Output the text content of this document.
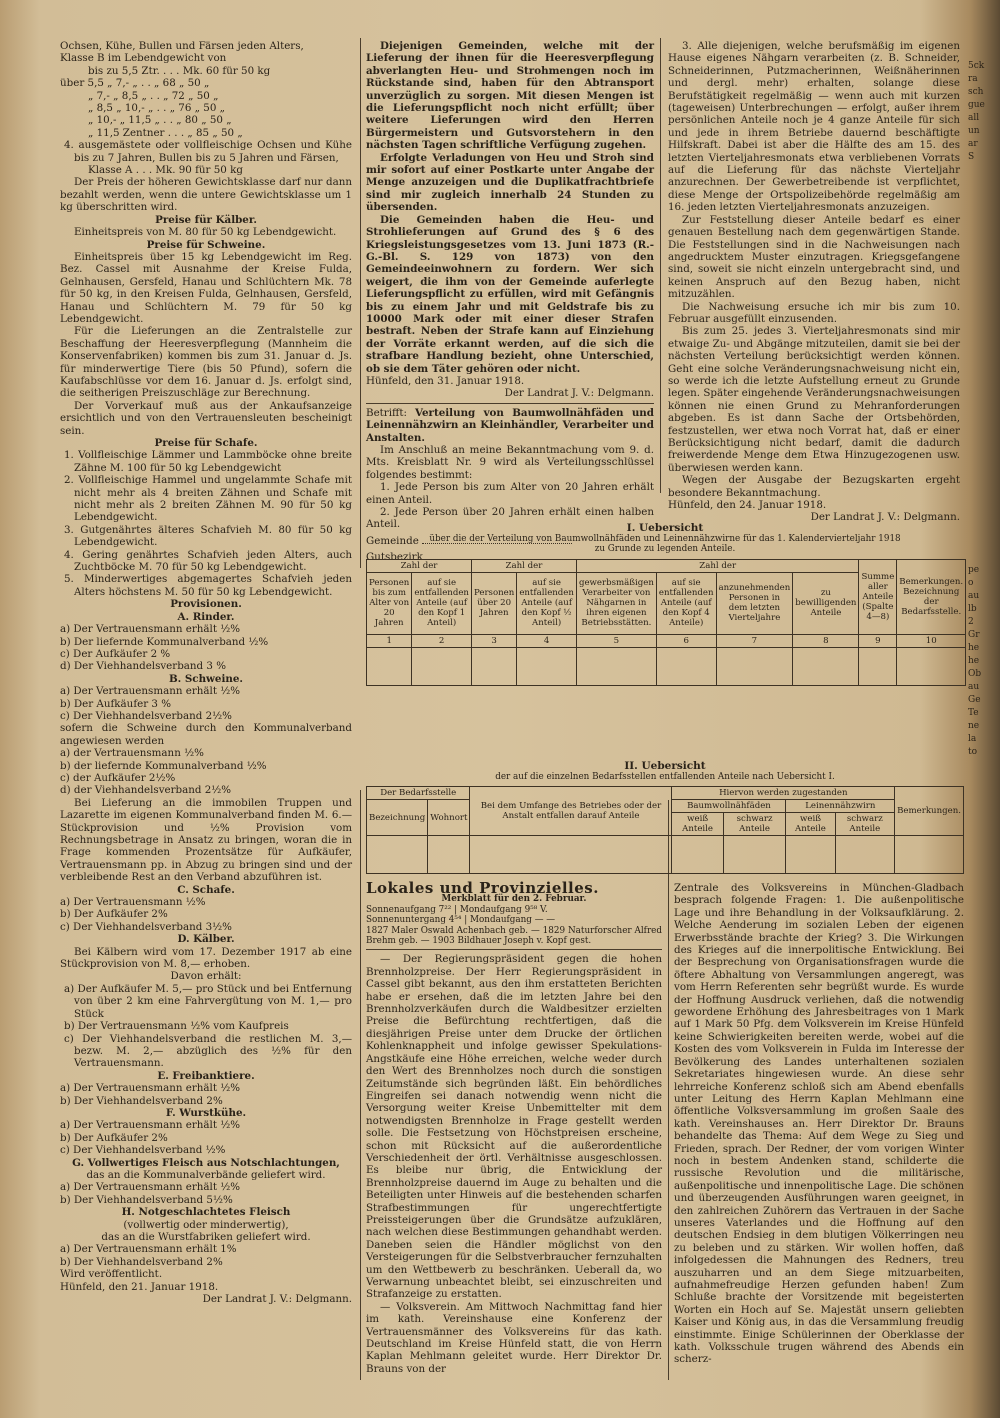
Ochsen, Kühe, Bullen und Färsen jeden Alters,

Klasse B im Lebendgewicht von

bis zu 5,5 Ztr. . . . Mk. 60 für 50 kg

über 5,5 „ 7,- „ . . „ 68 „ 50 „

„ 7,- „ 8,5 „ . . „ 72 „ 50 „

„ 8,5 „ 10,- „ . . „ 76 „ 50 „

„ 10,- „ 11,5 „ . . „ 80 „ 50 „

„ 11,5 Zentner . . . „ 85 „ 50 „

4. ausgemästete oder vollfleischige Ochsen und Kühe bis zu 7 Jahren, Bullen bis zu 5 Jahren und Färsen,

Klasse A . . . Mk. 90 für 50 kg

Der Preis der höheren Gewichtsklasse darf nur dann bezahlt werden, wenn die untere Gewichtsklasse um 1 kg überschritten wird.

Preise für Kälber.

Einheitspreis von M. 80 für 50 kg Lebendgewicht.

Preise für Schweine.

Einheitspreis über 15 kg Lebendgewicht im Reg. Bez. Cassel mit Ausnahme der Kreise Fulda, Gelnhausen, Gersfeld, Hanau und Schlüchtern Mk. 78 für 50 kg, in den Kreisen Fulda, Gelnhausen, Gersfeld, Hanau und Schlüchtern M. 79 für 50 kg Lebendgewicht.

Für die Lieferungen an die Zentralstelle zur Beschaffung der Heeresverpflegung (Mannheim die Konservenfabriken) kommen bis zum 31. Januar d. Js. für minderwertige Tiere (bis 50 Pfund), sofern die Kaufabschlüsse vor dem 16. Januar d. Js. erfolgt sind, die seitherigen Preiszuschläge zur Berechnung.

Der Vorverkauf muß aus der Ankaufsanzeige ersichtlich und von den Vertrauensleuten bescheinigt sein.

Preise für Schafe.

1. Vollfleischige Lämmer und Lammböcke ohne breite Zähne M. 100 für 50 kg Lebendgewicht

2. Vollfleischige Hammel und ungelammte Schafe mit nicht mehr als 4 breiten Zähnen und Schafe mit nicht mehr als 2 breiten Zähnen M. 90 für 50 kg Lebendgewicht.

3. Gutgenährtes älteres Schafvieh M. 80 für 50 kg Lebendgewicht.

4. Gering genährtes Schafvieh jeden Alters, auch Zuchtböcke M. 70 für 50 kg Lebendgewicht.

5. Minderwertiges abgemagertes Schafvieh jeden Alters höchstens M. 50 für 50 kg Lebendgewicht.

Provisionen.

A. Rinder.

a) Der Vertrauensmann erhält ½%

b) Der liefernde Kommunalverband ½%

c) Der Aufkäufer 2 %

d) Der Viehhandelsverband 3 %

B. Schweine.

a) Der Vertrauensmann erhält ½%

b) Der Aufkäufer 3 %

c) Der Viehhandelsverband 2½%

sofern die Schweine durch den Kommunalverband angewiesen werden

a) der Vertrauensmann ½%

b) der liefernde Kommunalverband ½%

c) der Aufkäufer 2½%

d) der Viehhandelsverband 2½%

Bei Lieferung an die immobilen Truppen und Lazarette im eigenen Kommunalverband finden M. 6.— Stückprovision und ½% Provision vom Rechnungsbetrage in Ansatz zu bringen, woran die in Frage kommenden Prozentsätze für Aufkäufer, Vertrauensmann pp. in Abzug zu bringen sind und der verbleibende Rest an den Verband abzuführen ist.

C. Schafe.

a) Der Vertrauensmann ½%

b) Der Aufkäufer 2%

c) Der Viehhandelsverband 3½%

D. Kälber.

Bei Kälbern wird vom 17. Dezember 1917 ab eine Stückprovision von M. 8,— erhoben.

Davon erhält:

a) Der Aufkäufer M. 5,— pro Stück und bei Entfernung von über 2 km eine Fahrvergütung von M. 1,— pro Stück

b) Der Vertrauensmann ½% vom Kaufpreis

c) Der Viehhandelsverband die restlichen M. 3,— bezw. M. 2,— abzüglich des ½% für den Vertrauensmann.

E. Freibanktiere.

a) Der Vertrauensmann erhält ½%

b) Der Viehhandelsverband 2%

F. Wurstkühe.

a) Der Vertrauensmann erhält ½%

b) Der Aufkäufer 2%

c) Der Viehhandelsverband ½%

G. Vollwertiges Fleisch aus Notschlachtungen,

das an die Kommunalverbände geliefert wird.

a) Der Vertrauensmann erhält ½%

b) Der Viehhandelsverband 5½%

H. Notgeschlachtetes Fleisch

(vollwertig oder minderwertig),

das an die Wurstfabriken geliefert wird.

a) Der Vertrauensmann erhält 1%

b) Der Viehhandelsverband 2%

Wird veröffentlicht.

Hünfeld, den 21. Januar 1918.

Der Landrat J. V.: Delgmann.

Diejenigen Gemeinden, welche mit der Lieferung der ihnen für die Heeresverpflegung abverlangten Heu- und Strohmengen noch im Rückstande sind, haben für den Abtransport unverzüglich zu sorgen. Mit diesen Mengen ist die Lieferungspflicht noch nicht erfüllt; über weitere Lieferungen wird den Herren Bürgermeistern und Gutsvorstehern in den nächsten Tagen schriftliche Verfügung zugehen.

Erfolgte Verladungen von Heu und Stroh sind mir sofort auf einer Postkarte unter Angabe der Menge anzuzeigen und die Duplikatfrachtbriefe sind mir zugleich innerhalb 24 Stunden zu übersenden.

Die Gemeinden haben die Heu- und Strohlieferungen auf Grund des § 6 des Kriegsleistungsgesetzes vom 13. Juni 1873 (R.-G.-Bl. S. 129 von 1873) von den Gemeindeeinwohnern zu fordern. Wer sich weigert, die ihm von der Gemeinde auferlegte Lieferungspflicht zu erfüllen, wird mit Gefängnis bis zu einem Jahr und mit Geldstrafe bis zu 10000 Mark oder mit einer dieser Strafen bestraft. Neben der Strafe kann auf Einziehung der Vorräte erkannt werden, auf die sich die strafbare Handlung bezieht, ohne Unterschied, ob sie dem Täter gehören oder nicht.

Hünfeld, den 31. Januar 1918.

Der Landrat J. V.: Delgmann.

Betrifft: Verteilung von Baumwollnähfäden und Leinennähzwirn an Kleinhändler, Verarbeiter und Anstalten.

Im Anschluß an meine Bekanntmachung vom 9. d. Mts. Kreisblatt Nr. 9 wird als Verteilungsschlüssel folgendes bestimmt:

1. Jede Person bis zum Alter von 20 Jahren erhält einen Anteil.

2. Jede Person über 20 Jahren erhält einen halben Anteil.

Gemeinde

Gutsbezirk

3. Alle diejenigen, welche berufsmäßig im eigenen Hause eigenes Nähgarn verarbeiten (z. B. Schneider, Schneiderinnen, Putzmacherinnen, Weißnäherinnen und dergl. mehr) erhalten, solange diese Berufstätigkeit regelmäßig — wenn auch mit kurzen (tageweisen) Unterbrechungen — erfolgt, außer ihrem persönlichen Anteile noch je 4 ganze Anteile für sich und jede in ihrem Betriebe dauernd beschäftigte Hilfskraft. Dabei ist aber die Hälfte des am 15. des letzten Vierteljahresmonats etwa verbliebenen Vorrats auf die Lieferung für das nächste Vierteljahr anzurechnen. Der Gewerbetreibende ist verpflichtet, diese Menge der Ortspolizeibehörde regelmäßig am 16. jeden letzten Vierteljahresmonats anzuzeigen.

Zur Feststellung dieser Anteile bedarf es einer genauen Bestellung nach dem gegenwärtigen Stande. Die Feststellungen sind in die Nachweisungen nach angedrucktem Muster einzutragen. Kriegsgefangene sind, soweit sie nicht einzeln untergebracht sind, und keinen Anspruch auf den Bezug haben, nicht mitzuzählen.

Die Nachweisung ersuche ich mir bis zum 10. Februar ausgefüllt einzusenden.

Bis zum 25. jedes 3. Vierteljahresmonats sind mir etwaige Zu- und Abgänge mitzuteilen, damit sie bei der nächsten Verteilung berücksichtigt werden können. Geht eine solche Veränderungsnachweisung nicht ein, so werde ich die letzte Aufstellung erneut zu Grunde legen. Später eingehende Veränderungsnachweisungen können nie einen Grund zu Mehranforderungen abgeben. Es ist dann Sache der Ortsbehörden, festzustellen, wer etwa noch Vorrat hat, daß er einer Berücksichtigung nicht bedarf, damit die dadurch freiwerdende Menge dem Etwa Hinzugezogenen usw. überwiesen werden kann.

Wegen der Ausgabe der Bezugskarten ergeht besondere Bekanntmachung.

Hünfeld, den 24. Januar 1918.

Der Landrat J. V.: Delgmann.

I. Uebersicht
über die der Verteilung von Baumwollnähfäden und Leinennähzwirne für das 1. Kalendervierteljahr 1918
zu Grunde zu legenden Anteile.
Zahl der		Zahl der		Zahl der				Summe aller Anteile (Spalte 4—8)	Bemerkungen. Bezeichnung der Bedarfsstelle.
Personen bis zum Alter von 20 Jahren	auf sie entfallenden Anteile (auf den Kopf 1 Anteil)	Personen über 20 Jahren	auf sie entfallenden Anteile (auf den Kopf ½ Anteil)	gewerbsmäßigen Verarbeiter von Nähgarnen in ihren eigenen Betriebsstätten.	auf sie entfallenden Anteile (auf den Kopf 4 Anteile)	anzunehmenden Personen in dem letzten Vierteljahre	zu bewilligenden Anteile		
1	2	3	4	5	6	7	8	9	10

II. Uebersicht
der auf die einzelnen Bedarfsstellen entfallenden Anteile nach Uebersicht I.
Der Bedarfsstelle		Bei dem Umfange des Betriebes oder der Anstalt entfallen darauf Anteile	Hiervon werden zugestanden				Bemerkungen.
Bezeichnung	Wohnort		Baumwollnähfäden		Leinennähzwirn		
			weiß Anteile	schwarz Anteile	weiß Anteile	schwarz Anteile	

Lokales und Provinzielles.

Merkblatt für den 2. Februar.

Sonnenaufgang 7²² | Mondaufgang 9⁵⁸ V.

Sonnenuntergang 4⁵⁴ | Mondaufgang — —

1827 Maler Oswald Achenbach geb. — 1829 Naturforscher Alfred Brehm geb. — 1903 Bildhauer Joseph v. Kopf gest.

— Der Regierungspräsident gegen die hohen Brennholzpreise. Der Herr Regierungspräsident in Cassel gibt bekannt, aus den ihm erstatteten Berichten habe er ersehen, daß die im letzten Jahre bei den Brennholzverkäufen durch die Waldbesitzer erzielten Preise die Befürchtung rechtfertigen, daß die diesjährigen Preise unter dem Drucke der örtlichen Kohlenknappheit und infolge gewisser Spekulations-Angstkäufe eine Höhe erreichen, welche weder durch den Wert des Brennholzes noch durch die sonstigen Zeitumstände sich begründen läßt. Ein behördliches Eingreifen sei danach notwendig wenn nicht die Versorgung weiter Kreise Unbemittelter mit dem notwendigsten Brennholze in Frage gestellt werden solle. Die Festsetzung von Höchstpreisen erscheine, schon mit Rücksicht auf die außerordentliche Verschiedenheit der örtl. Verhältnisse ausgeschlossen. Es bleibe nur übrig, die Entwicklung der Brennholzpreise dauernd im Auge zu behalten und die Beteiligten unter Hinweis auf die bestehenden scharfen Strafbestimmungen für ungerechtfertigte Preissteigerungen über die Grundsätze aufzuklären, nach welchen diese Bestimmungen gehandhabt werden. Daneben seien die Händler möglichst von den Versteigerungen für die Selbstverbraucher fernzuhalten um den Wettbewerb zu beschränken. Ueberall da, wo Verwarnung unbeachtet bleibt, sei einzuschreiten und Strafanzeige zu erstatten.

— Volksverein. Am Mittwoch Nachmittag fand hier im kath. Vereinshause eine Konferenz der Vertrauensmänner des Volksvereins für das kath. Deutschland im Kreise Hünfeld statt, die von Herrn Kaplan Mehlmann geleitet wurde. Herr Direktor Dr. Brauns von der

Zentrale des Volksvereins in München-Gladbach besprach folgende Fragen: 1. Die außenpolitische Lage und ihre Behandlung in der Volksaufklärung. 2. Welche Aenderung im sozialen Leben der eigenen Erwerbsstände brachte der Krieg? 3. Die Wirkungen des Krieges auf die innerpolitische Entwicklung. Bei der Besprechung von Organisationsfragen wurde die öftere Abhaltung von Versammlungen angeregt, was vom Herrn Referenten sehr begrüßt wurde. Es wurde der Hoffnung Ausdruck verliehen, daß die notwendig gewordene Erhöhung des Jahresbeitrages von 1 Mark auf 1 Mark 50 Pfg. dem Volksverein im Kreise Hünfeld keine Schwierigkeiten bereiten werde, wobei auf die Kosten des vom Volksverein in Fulda im Interesse der Bevölkerung des Landes unterhaltenen sozialen Sekretariates hingewiesen wurde. An diese sehr lehrreiche Konferenz schloß sich am Abend ebenfalls unter Leitung des Herrn Kaplan Mehlmann eine öffentliche Volksversammlung im großen Saale des kath. Vereinshauses an. Herr Direktor Dr. Brauns behandelte das Thema: Auf dem Wege zu Sieg und Frieden, sprach. Der Redner, der vom vorigen Winter noch in bestem Andenken stand, schilderte die russische Revolution und die militärische, außenpolitische und innenpolitische Lage. Die schönen und überzeugenden Ausführungen waren geeignet, in den zahlreichen Zuhörern das Vertrauen in der Sache unseres Vaterlandes und die Hoffnung auf den deutschen Endsieg in dem blutigen Völkerringen neu zu beleben und zu stärken. Wir wollen hoffen, daß infolgedessen die Mahnungen des Redners, treu auszuharren und an dem Siege mitzuarbeiten, aufnahmefreudige Herzen gefunden haben! Zum Schluße brachte der Vorsitzende mit begeisterten Worten ein Hoch auf Se. Majestät unsern geliebten Kaiser und König aus, in das die Versammlung freudig einstimmte. Einige Schülerinnen der Oberklasse der kath. Volksschule trugen während des Abends ein scherz-

5ck
ra
sch
gue
all
un
ar
S
pe
o
au
lb
2
Gr
he
he
Ob
au
Ge
Te
ne
la
to
